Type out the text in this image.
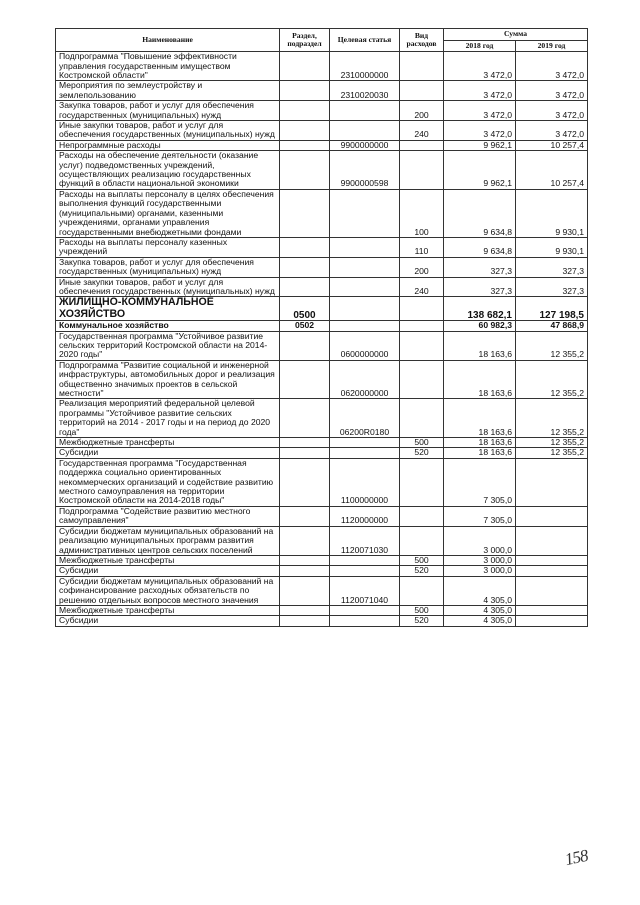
Наименование	Раздел, подраздел	Целевая статья	Вид расходов	Сумма	
				2018 год	2019 год
Подпрограмма "Повышение эффективности управления государственным имуществом Костромской области"		2310000000		3 472,0	3 472,0
Мероприятия по землеустройству и землепользованию		2310020030		3 472,0	3 472,0
Закупка товаров, работ и услуг для обеспечения государственных (муниципальных) нужд			200	3 472,0	3 472,0
Иные закупки товаров, работ и услуг для обеспечения государственных (муниципальных) нужд			240	3 472,0	3 472,0
Непрограммные расходы		9900000000		9 962,1	10 257,4
Расходы на обеспечение деятельности (оказание услуг) подведомственных учреждений, осуществляющих реализацию государственных функций в области национальной экономики		9900000598		9 962,1	10 257,4
Расходы на выплаты персоналу в целях обеспечения выполнения функций государственными (муниципальными) органами, казенными учреждениями, органами управления государственными внебюджетными фондами			100	9 634,8	9 930,1
Расходы на выплаты персоналу казенных учреждений			110	9 634,8	9 930,1
Закупка товаров, работ и услуг для обеспечения государственных (муниципальных) нужд			200	327,3	327,3
Иные закупки товаров, работ и услуг для обеспечения государственных (муниципальных) нужд			240	327,3	327,3
ЖИЛИЩНО-КОММУНАЛЬНОЕ ХОЗЯЙСТВО	0500			138 682,1	127 198,5
Коммунальное хозяйство	0502			60 982,3	47 868,9
Государственная программа "Устойчивое развитие сельских территорий Костромской области на 2014-2020 годы"		0600000000		18 163,6	12 355,2
Подпрограмма "Развитие социальной и инженерной инфраструктуры, автомобильных дорог и реализация общественно значимых проектов в сельской местности"		0620000000		18 163,6	12 355,2
Реализация мероприятий федеральной целевой программы "Устойчивое развитие сельских территорий на 2014 - 2017 годы и на период до 2020 года"		06200R0180		18 163,6	12 355,2
Межбюджетные трансферты			500	18 163,6	12 355,2
Субсидии			520	18 163,6	12 355,2
Государственная программа "Государственная поддержка социально ориентированных некоммерческих организаций и содействие развитию местного самоуправления на территории Костромской области на 2014-2018 годы"		1100000000		7 305,0	
Подпрограмма "Содействие развитию местного самоуправления"		1120000000		7 305,0	
Субсидии бюджетам муниципальных образований на реализацию муниципальных программ развития административных центров сельских поселений		1120071030		3 000,0	
Межбюджетные трансферты			500	3 000,0	
Субсидии			520	3 000,0	
Субсидии бюджетам муниципальных образований на софинансирование расходных обязательств по решению отдельных вопросов местного значения		1120071040		4 305,0	
Межбюджетные трансферты			500	4 305,0	
Субсидии			520	4 305,0	
158
